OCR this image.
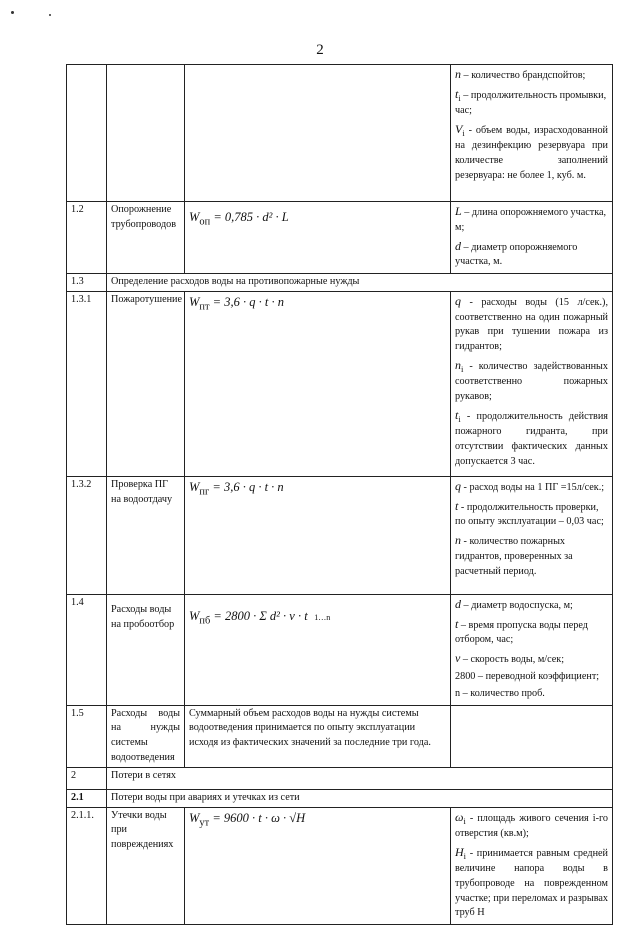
2

			n – количество брандспойтов;
$t_i$ – продолжительность промывки, час;
$V_i$ - объем воды, израсходованной на дезинфекцию резервуара при количестве заполнений резервуара: не более 1, куб. м.

1.2	Опорожнение трубопроводов	$W_{оп} = 0,785 \cdot d^2 \cdot L$	L – длина опорожняемого участка, м;
d – диаметр опорожняемого участка, м.

1.3	Определение расходов воды на противопожарные нужды		
1.3.1	Пожаротушение	$W_{пт} = 3,6 \cdot q \cdot t \cdot n$	q - расходы воды (15 л/сек.), соответственно на один пожарный рукав при тушении пожара из гидрантов;
$n_i$ - количество задействованных соответственно пожарных рукавов;
$t_i$ - продолжительность действия пожарного гидранта, при отсутствии фактических данных допускается 3 час.

1.3.2	Проверка ПГ на водоотдачу	$W_{пг} = 3,6 \cdot q \cdot t \cdot n$	q - расход воды на 1 ПГ =15л/сек.;
t - продолжительность проверки, по опыту эксплуатации – 0,03 час;
n - количество пожарных гидрантов, проверенных за расчетный период.

1.4	Расходы воды на пробоотбор	$W_{пб} = 2800 \cdot \Sigma$ d² · v · t 1…n	d – диаметр водоспуска, м;
t – время пропуска воды перед отбором, час;
v – скорость воды, м/сек;
2800 – переводной коэффициент;
n – количество проб.

1.5	Расходы воды на нужды системы водоотведения	Суммарный объем расходов воды на нужды системы водоотведения принимается по опыту эксплуатации исходя из фактических значений за последние три года.	
2	Потери в сетях		
2.1	Потери воды при авариях и утечках из сети		
2.1.1.	Утечки воды при повреждениях	$W_{ут} = 9600 \cdot t \cdot \omega \cdot √H$	$\omega_i$ - площадь живого сечения i-го отверстия (кв.м);
$H_i$ - принимается равным средней величине напора воды в трубопроводе на поврежденном участке; при переломах и разрывах труб Н
